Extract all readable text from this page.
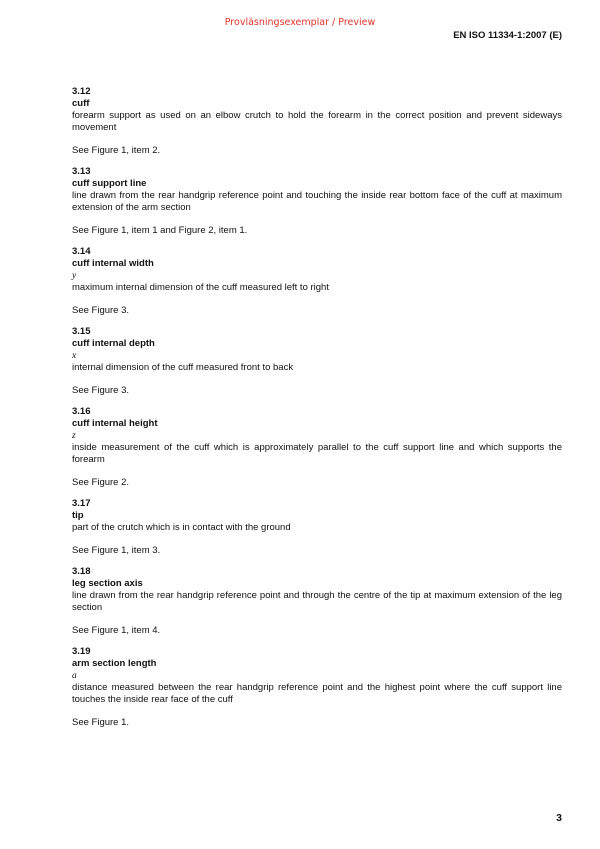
Provläsningsexemplar / Preview
EN ISO 11334-1:2007 (E)
3.12
cuff
forearm support as used on an elbow crutch to hold the forearm in the correct position and prevent sideways movement
See Figure 1, item 2.
3.13
cuff support line
line drawn from the rear handgrip reference point and touching the inside rear bottom face of the cuff at maximum extension of the arm section
See Figure 1, item 1 and Figure 2, item 1.
3.14
cuff internal width
y
maximum internal dimension of the cuff measured left to right
See Figure 3.
3.15
cuff internal depth
x
internal dimension of the cuff measured front to back
See Figure 3.
3.16
cuff internal height
z
inside measurement of the cuff which is approximately parallel to the cuff support line and which supports the forearm
See Figure 2.
3.17
tip
part of the crutch which is in contact with the ground
See Figure 1, item 3.
3.18
leg section axis
line drawn from the rear handgrip reference point and through the centre of the tip at maximum extension of the leg section
See Figure 1, item 4.
3.19
arm section length
a
distance measured between the rear handgrip reference point and the highest point where the cuff support line touches the inside rear face of the cuff
See Figure 1.
3
